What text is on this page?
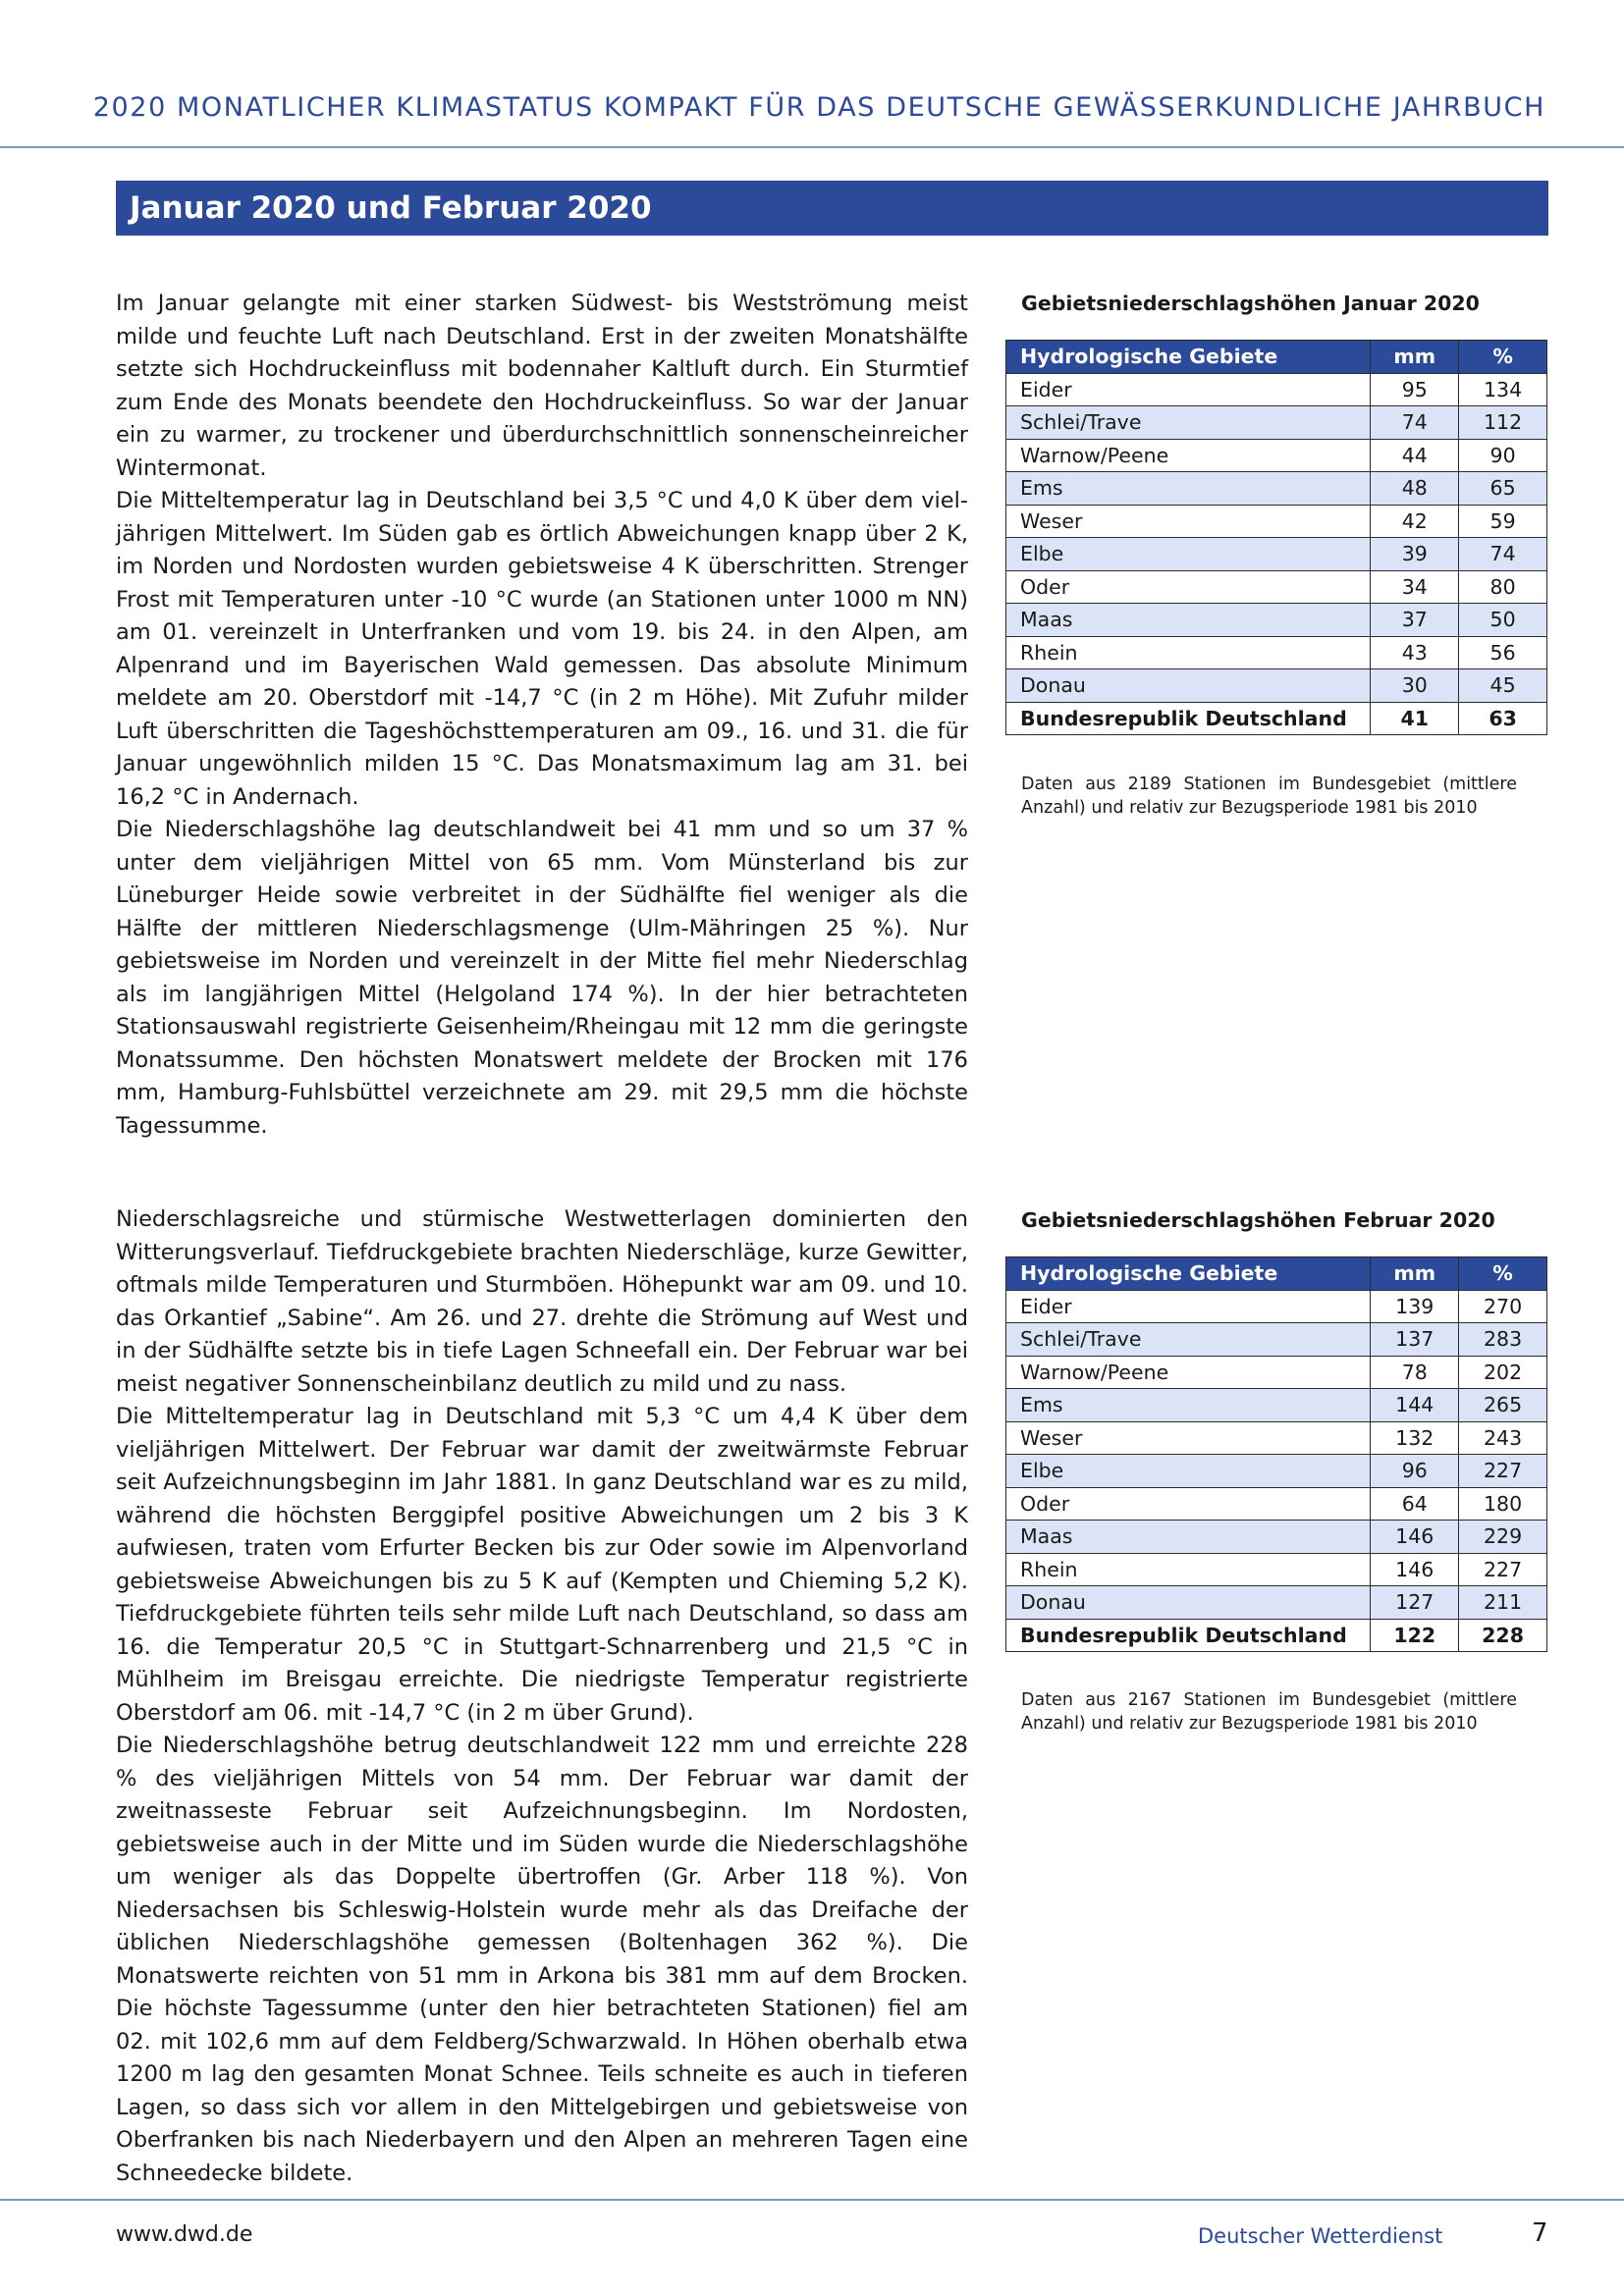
2020 MONATLICHER KLIMASTATUS KOMPAKT FÜR DAS DEUTSCHE GEWÄSSERKUNDLICHE JAHRBUCH
Januar 2020 und Februar 2020

Im Januar gelangte mit einer starken Südwest- bis Westströmung meist milde und feuchte Luft nach Deutschland. Erst in der zweiten Monatshälfte setzte sich Hochdruckeinfluss mit bodennaher Kaltluft durch. Ein Sturmtief zum Ende des Monats beendete den Hochdruckeinfluss. So war der Januar ein zu warmer, zu trockener und überdurchschnittlich sonnenscheinreicher Wintermonat.

Die Mitteltemperatur lag in Deutschland bei 3,5 °C und 4,0 K über dem vieljährigen Mittelwert. Im Süden gab es örtlich Abweichungen knapp über 2 K, im Norden und Nordosten wurden gebietsweise 4 K überschritten. Strenger Frost mit Temperaturen unter -10 °C wurde (an Stationen unter 1000 m NN) am 01. vereinzelt in Unterfranken und vom 19. bis 24. in den Alpen, am Alpenrand und im Bayerischen Wald gemessen. Das absolute Minimum meldete am 20. Oberstdorf mit -14,7 °C (in 2 m Höhe). Mit Zufuhr milder Luft überschritten die Tageshöchsttemperaturen am 09., 16. und 31. die für Januar ungewöhnlich milden 15 °C. Das Monatsmaximum lag am 31. bei 16,2 °C in Andernach.

Die Niederschlagshöhe lag deutschlandweit bei 41 mm und so um 37 % unter dem vieljährigen Mittel von 65 mm. Vom Münsterland bis zur Lüneburger Heide sowie verbreitet in der Südhälfte fiel weniger als die Hälfte der mittleren Niederschlagsmenge (Ulm-Mähringen 25 %). Nur gebietsweise im Norden und vereinzelt in der Mitte fiel mehr Niederschlag als im langjährigen Mittel (Helgoland 174 %). In der hier betrachteten Stationsauswahl registrierte Geisenheim/Rheingau mit 12 mm die geringste Monatssumme. Den höchsten Monatswert meldete der Brocken mit 176 mm, Hamburg-Fuhlsbüttel verzeichnete am 29. mit 29,5 mm die höchste Tagessumme.

Gebietsniederschlagshöhen Januar 2020
Hydrologische Gebiete	mm	%
Eider	95	134
Schlei/Trave	74	112
Warnow/Peene	44	90
Ems	48	65
Weser	42	59
Elbe	39	74
Oder	34	80
Maas	37	50
Rhein	43	56
Donau	30	45
Bundesrepublik Deutschland	41	63
Daten aus 2189 Stationen im Bundesgebiet (mittlere Anzahl) und relativ zur Bezugsperiode 1981 bis 2010

Niederschlagsreiche und stürmische Westwetterlagen dominierten den Witterungsverlauf. Tiefdruckgebiete brachten Niederschläge, kurze Gewitter, oftmals milde Temperaturen und Sturmböen. Höhepunkt war am 09. und 10. das Orkantief „Sabine“. Am 26. und 27. drehte die Strömung auf West und in der Südhälfte setzte bis in tiefe Lagen Schneefall ein. Der Februar war bei meist negativer Sonnenscheinbilanz deutlich zu mild und zu nass.

Die Mitteltemperatur lag in Deutschland mit 5,3 °C um 4,4 K über dem vieljährigen Mittelwert. Der Februar war damit der zweitwärmste Februar seit Aufzeichnungsbeginn im Jahr 1881. In ganz Deutschland war es zu mild, während die höchsten Berggipfel positive Abweichungen um 2 bis 3 K aufwiesen, traten vom Erfurter Becken bis zur Oder sowie im Alpenvorland gebietsweise Abweichungen bis zu 5 K auf (Kempten und Chieming 5,2 K). Tiefdruckgebiete führten teils sehr milde Luft nach Deutschland, so dass am 16. die Temperatur 20,5 °C in Stuttgart-Schnarrenberg und 21,5 °C in Mühlheim im Breisgau erreichte. Die niedrigste Temperatur registrierte Oberstdorf am 06. mit -14,7 °C (in 2 m über Grund).

Die Niederschlagshöhe betrug deutschlandweit 122 mm und erreichte 228 % des vieljährigen Mittels von 54 mm. Der Februar war damit der zweitnasseste Februar seit Aufzeichnungsbeginn. Im Nordosten, gebietsweise auch in der Mitte und im Süden wurde die Niederschlagshöhe um weniger als das Doppelte übertroffen (Gr. Arber 118 %). Von Niedersachsen bis Schleswig-Holstein wurde mehr als das Dreifache der üblichen Niederschlagshöhe gemessen (Boltenhagen 362 %). Die Monatswerte reichten von 51 mm in Arkona bis 381 mm auf dem Brocken. Die höchste Tagessumme (unter den hier betrachteten Stationen) fiel am 02. mit 102,6 mm auf dem Feldberg/Schwarzwald. In Höhen oberhalb etwa 1200 m lag den gesamten Monat Schnee. Teils schneite es auch in tieferen Lagen, so dass sich vor allem in den Mittelgebirgen und gebietsweise von Oberfranken bis nach Niederbayern und den Alpen an mehreren Tagen eine Schneedecke bildete.

Gebietsniederschlagshöhen Februar 2020
Hydrologische Gebiete	mm	%
Eider	139	270
Schlei/Trave	137	283
Warnow/Peene	78	202
Ems	144	265
Weser	132	243
Elbe	96	227
Oder	64	180
Maas	146	229
Rhein	146	227
Donau	127	211
Bundesrepublik Deutschland	122	228
Daten aus 2167 Stationen im Bundesgebiet (mittlere Anzahl) und relativ zur Bezugsperiode 1981 bis 2010
www.dwd.de	Deutscher Wetterdienst	7
